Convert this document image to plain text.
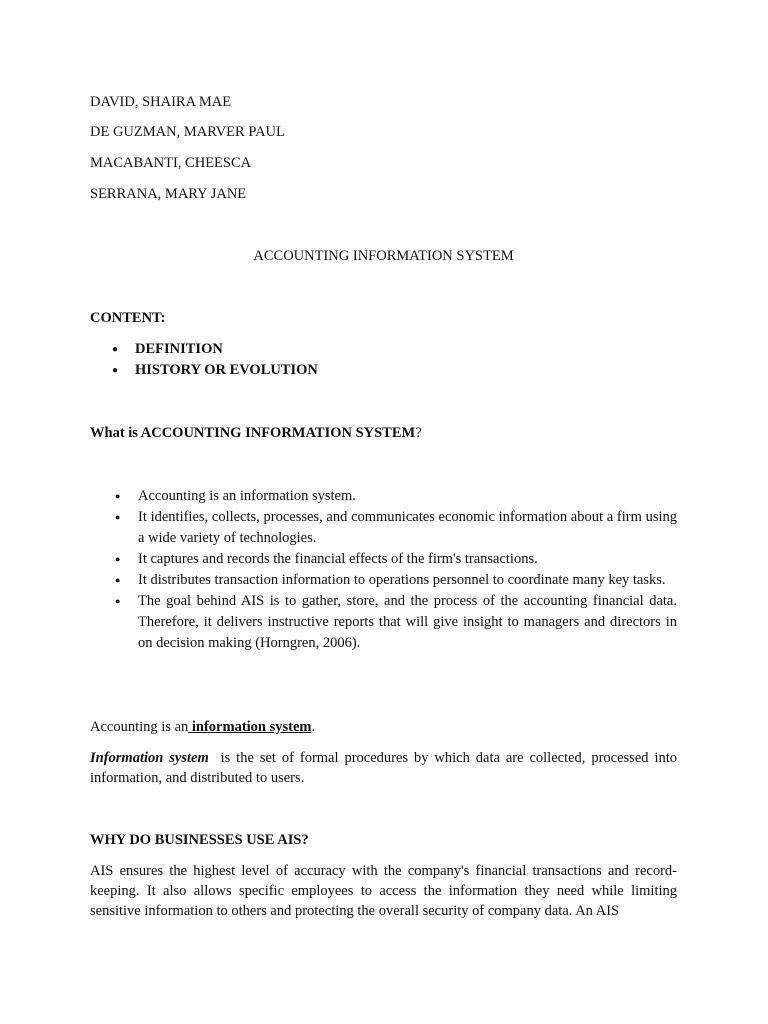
DAVID, SHAIRA MAE
DE GUZMAN, MARVER PAUL
MACABANTI, CHEESCA
SERRANA, MARY JANE
ACCOUNTING INFORMATION SYSTEM
CONTENT:
● DEFINITION
● HISTORY OR EVOLUTION
What is ACCOUNTING INFORMATION SYSTEM?
● Accounting is an information system.
● It identifies, collects, processes, and communicates economic information about a firm using a wide variety of technologies.
● It captures and records the financial effects of the firm's transactions.
● It distributes transaction information to operations personnel to coordinate many key tasks.
● The goal behind AIS is to gather, store, and the process of the accounting financial data. Therefore, it delivers instructive reports that will give insight to managers and directors in on decision making (Horngren, 2006).
Accounting is an information system.
Information system  is the set of formal procedures by which data are collected, processed into information, and distributed to users.
WHY DO BUSINESSES USE AIS?
AIS ensures the highest level of accuracy with the company's financial transactions and record-keeping. It also allows specific employees to access the information they need while limiting sensitive information to others and protecting the overall security of company data. An AIS
